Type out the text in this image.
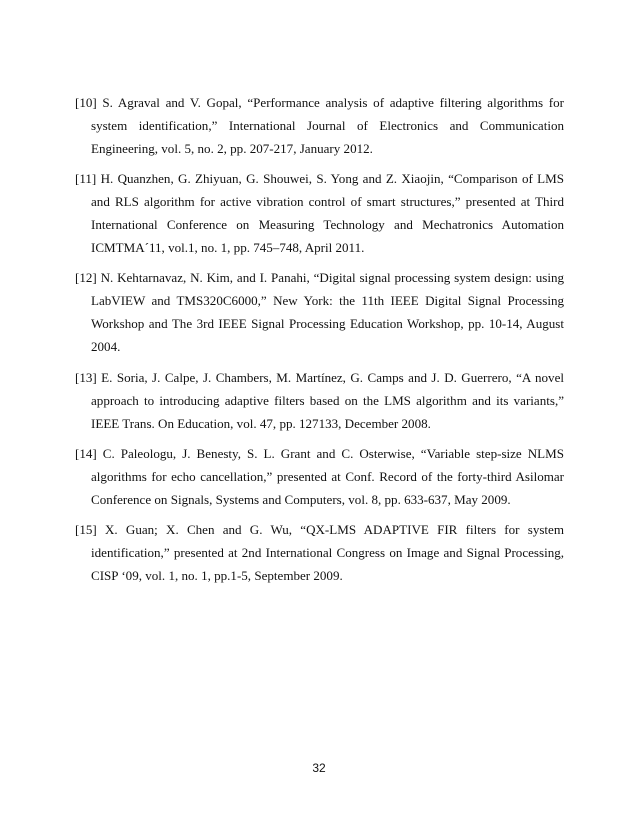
[10] S. Agraval and V. Gopal, “Performance analysis of adaptive filtering algorithms for system identification,” International Journal of Electronics and Communication Engineering, vol. 5, no. 2, pp. 207-217, January 2012.

[11] H. Quanzhen, G. Zhiyuan, G. Shouwei, S. Yong and Z. Xiaojin, “Comparison of LMS and RLS algorithm for active vibration control of smart structures,” presented at Third International Conference on Measuring Technology and Mechatronics Automation ICMTMA´11, vol.1, no. 1, pp. 745–748, April 2011.

[12] N. Kehtarnavaz, N. Kim, and I. Panahi, “Digital signal processing system design: using LabVIEW and TMS320C6000,” New York: the 11th IEEE Digital Signal Processing Workshop and The 3rd IEEE Signal Processing Education Workshop, pp. 10-14, August 2004.

[13] E. Soria, J. Calpe, J. Chambers, M. Martínez, G. Camps and J. D. Guerrero, “A novel approach to introducing adaptive filters based on the LMS algorithm and its variants,” IEEE Trans. On Education, vol. 47, pp. 127133, December 2008.

[14] C. Paleologu, J. Benesty, S. L. Grant and C. Osterwise, “Variable step-size NLMS algorithms for echo cancellation,” presented at Conf. Record of the forty-third Asilomar Conference on Signals, Systems and Computers, vol. 8, pp. 633-637, May 2009.

[15] X. Guan; X. Chen and G. Wu, “QX-LMS ADAPTIVE FIR filters for system identification,” presented at 2nd International Congress on Image and Signal Processing, CISP ‘09, vol. 1, no. 1, pp.1-5, September 2009.

32
